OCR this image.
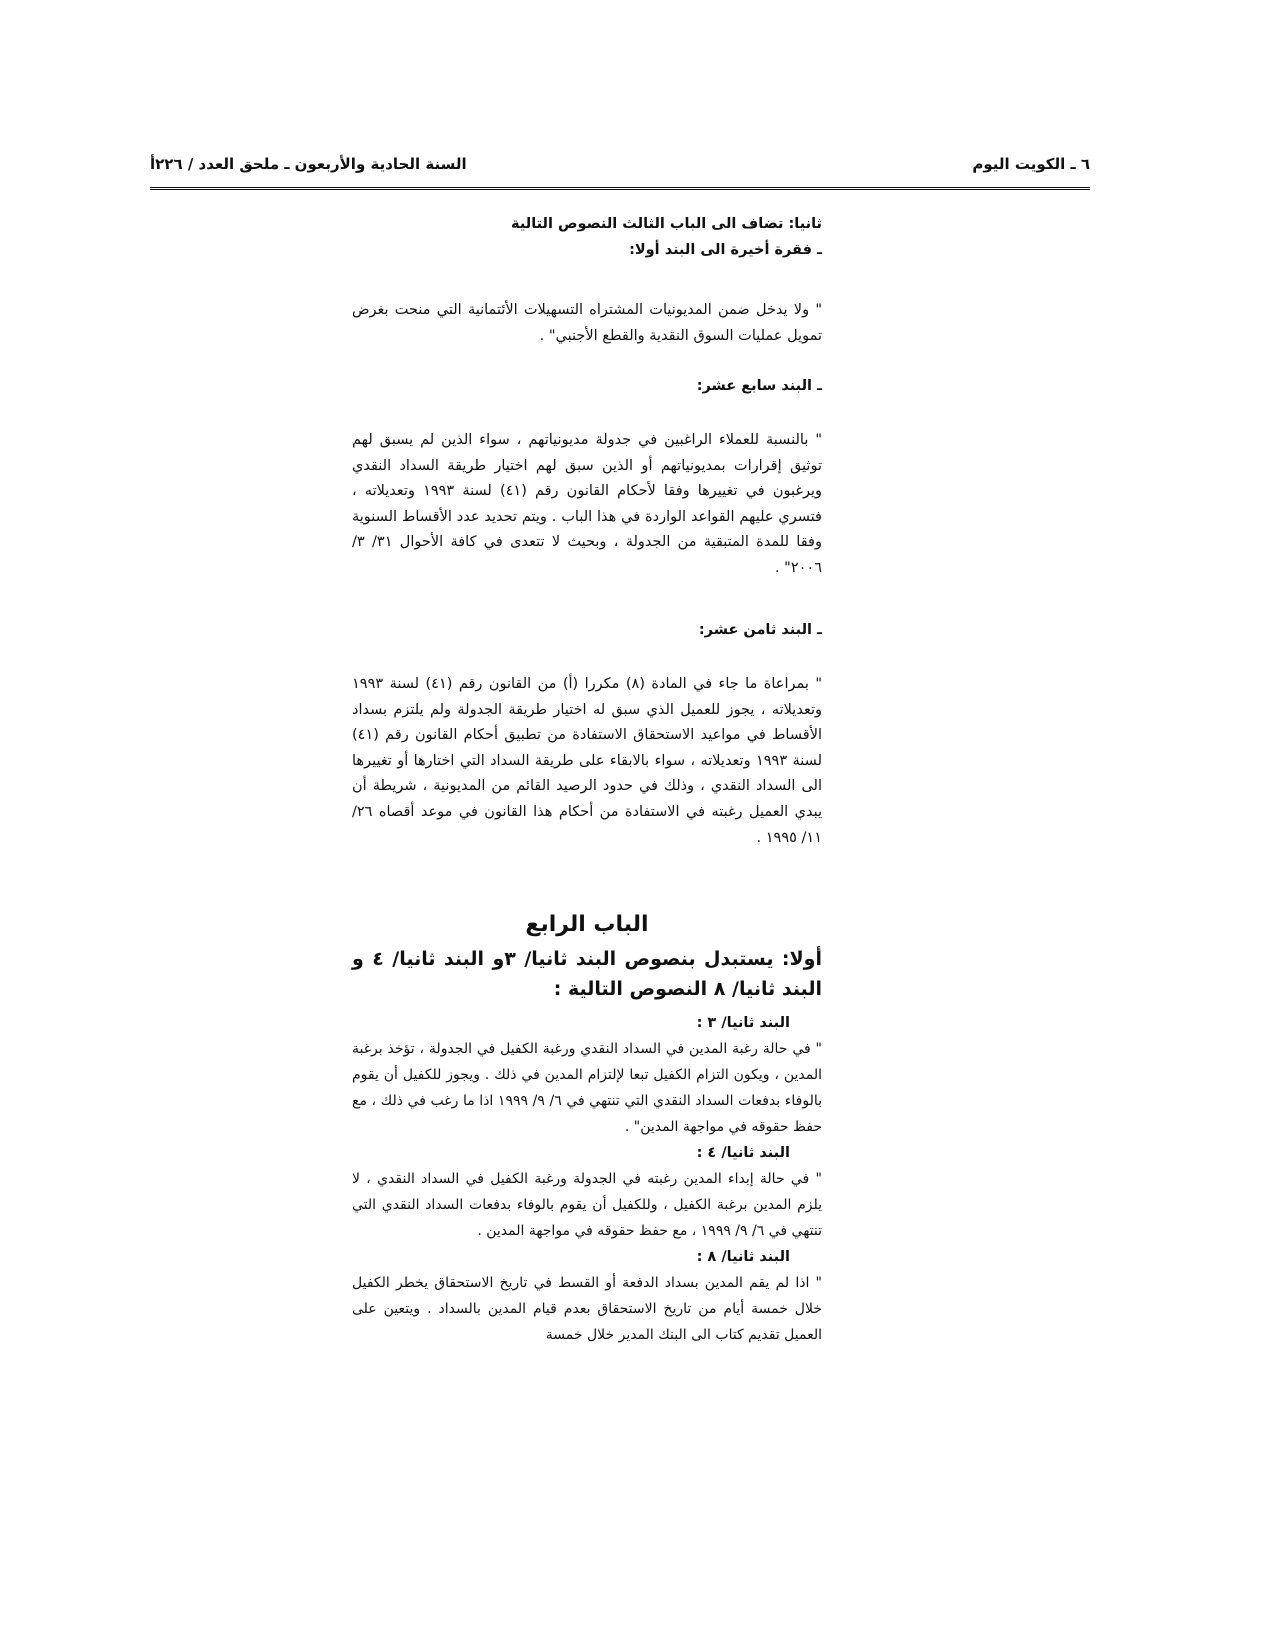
٦ ـ الكويت اليوم
السنة الحادية والأربعون ـ ملحق العدد / ٢٢٦أ

ثانيا: تضاف الى الباب الثالث النصوص التالية

ـ فقرة أخيرة الى البند أولا:

" ولا يدخل ضمن المديونيات المشتراه التسهيلات الأئتمانية التي منحت بغرض تمويل عمليات السوق النقدية والقطع الأجنبي" .

ـ البند سابع عشر:

" بالنسبة للعملاء الراغبين في جدولة مديونياتهم ، سواء الذين لم يسبق لهم توثيق إقرارات بمديونياتهم أو الذين سبق لهم اختيار طريقة السداد النقدي ويرغبون في تغييرها وفقا لأحكام القانون رقم (٤١) لسنة ١٩٩٣ وتعديلاته ، فتسري عليهم القواعد الواردة في هذا الباب . ويتم تحديد عدد الأقساط السنوية وفقا للمدة المتبقية من الجدولة ، وبحيث لا تتعدى في كافة الأحوال ٣١/ ٣/ ٢٠٠٦" .

ـ البند ثامن عشر:

" بمراعاة ما جاء في المادة (٨) مكررا (أ) من القانون رقم (٤١) لسنة ١٩٩٣ وتعديلاته ، يجوز للعميل الذي سبق له اختيار طريقة الجدولة ولم يلتزم بسداد الأقساط في مواعيد الاستحقاق الاستفادة من تطبيق أحكام القانون رقم (٤١) لسنة ١٩٩٣ وتعديلاته ، سواء بالابقاء على طريقة السداد التي اختارها أو تغييرها الى السداد النقدي ، وذلك في حدود الرصيد القائم من المديونية ، شريطة أن يبدي العميل رغبته في الاستفادة من أحكام هذا القانون في موعد أقصاه ٢٦/ ١١/ ١٩٩٥ .

الباب الرابع
أولا: يستبدل بنصوص البند ثانيا/ ٣و البند ثانيا/ ٤ و البند ثانيا/ ٨ النصوص التالية :
البند ثانيا/ ٣ :

" في حالة رغبة المدين في السداد النقدي ورغبة الكفيل في الجدولة ، تؤخذ برغبة المدين ، ويكون التزام الكفيل تبعا لإلتزام المدين في ذلك . ويجوز للكفيل أن يقوم بالوفاء بدفعات السداد النقدي التي تنتهي في ٦/ ٩/ ١٩٩٩ اذا ما رغب في ذلك ، مع حفظ حقوقه في مواجهة المدين" .

البند ثانيا/ ٤ :

" في حالة إبداء المدين رغبته في الجدولة ورغبة الكفيل في السداد النقدي ، لا يلزم المدين برغبة الكفيل ، وللكفيل أن يقوم بالوفاء بدفعات السداد النقدي التي تنتهي في ٦/ ٩/ ١٩٩٩ ، مع حفظ حقوقه في مواجهة المدين .

البند ثانيا/ ٨ :

" اذا لم يقم المدين بسداد الدفعة أو القسط في تاريخ الاستحقاق يخطر الكفيل خلال خمسة أيام من تاريخ الاستحقاق بعدم قيام المدين بالسداد . ويتعين على العميل تقديم كتاب الى البنك المدير خلال خمسة
